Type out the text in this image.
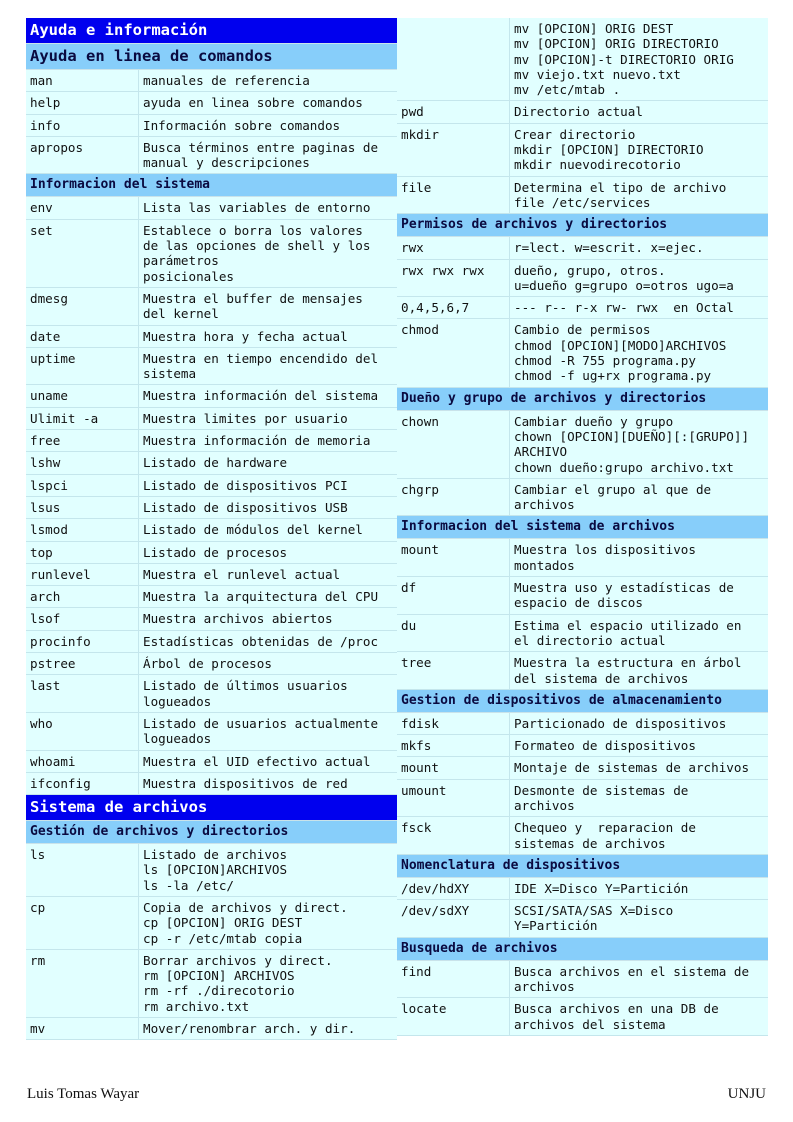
Ayuda e información
Ayuda en linea de comandos
man	manuales de referencia
help	ayuda en linea sobre comandos
info	Información sobre comandos
apropos	Busca términos entre paginas de
manual y descripciones
Informacion del sistema
env	Lista las variables de entorno
set	Establece o borra los valores
de las opciones de shell y los
parámetros
posicionales
dmesg	Muestra el buffer de mensajes
del kernel
date	Muestra hora y fecha actual
uptime	Muestra en tiempo encendido del
sistema
uname	Muestra información del sistema
Ulimit -a	Muestra limites por usuario
free	Muestra información de memoria
lshw	Listado de hardware
lspci	Listado de dispositivos PCI
lsus	Listado de dispositivos USB
lsmod	Listado de módulos del kernel
top	Listado de procesos
runlevel	Muestra el runlevel actual
arch	Muestra la arquitectura del CPU
lsof	Muestra archivos abiertos
procinfo	Estadísticas obtenidas de /proc
pstree	Árbol de procesos
last	Listado de últimos usuarios
logueados
who	Listado de usuarios actualmente
logueados
whoami	Muestra el UID efectivo actual
ifconfig	Muestra dispositivos de red
Sistema de archivos
Gestión de archivos y directorios
ls	Listado de archivos
ls [OPCION]ARCHIVOS
ls -la /etc/
cp	Copia de archivos y direct.
cp [OPCION] ORIG DEST
cp -r /etc/mtab copia
rm	Borrar archivos y direct.
rm [OPCION] ARCHIVOS
rm -rf ./direcotorio
rm archivo.txt
mv	Mover/renombrar arch. y dir.
mv [OPCION] ORIG DEST
mv [OPCION] ORIG DIRECTORIO
mv [OPCION]-t DIRECTORIO ORIG
mv viejo.txt nuevo.txt
mv /etc/mtab .
pwd	Directorio actual
mkdir	Crear directorio
mkdir [OPCION] DIRECTORIO
mkdir nuevodirecotorio
file	Determina el tipo de archivo
file /etc/services
Permisos de archivos y directorios
rwx	r=lect. w=escrit. x=ejec.
rwx rwx rwx	dueño, grupo, otros.
u=dueño g=grupo o=otros ugo=a
0,4,5,6,7	--- r-- r-x rw- rwx  en Octal
chmod	Cambio de permisos
chmod [OPCION][MODO]ARCHIVOS
chmod -R 755 programa.py
chmod -f ug+rx programa.py
Dueño y grupo de archivos y directorios
chown	Cambiar dueño y grupo
chown [OPCION][DUEÑO][:[GRUPO]]
ARCHIVO
chown dueño:grupo archivo.txt
chgrp	Cambiar el grupo al que de
archivos
Informacion del sistema de archivos
mount	Muestra los dispositivos
montados
df	Muestra uso y estadísticas de
espacio de discos
du	Estima el espacio utilizado en
el directorio actual
tree	Muestra la estructura en árbol
del sistema de archivos
Gestion de dispositivos de almacenamiento
fdisk	Particionado de dispositivos
mkfs	Formateo de dispositivos
mount	Montaje de sistemas de archivos
umount	Desmonte de sistemas de
archivos
fsck	Chequeo y  reparacion de
sistemas de archivos
Nomenclatura de dispositivos
/dev/hdXY	IDE X=Disco Y=Partición
/dev/sdXY	SCSI/SATA/SAS X=Disco
Y=Partición
Busqueda de archivos
find	Busca archivos en el sistema de
archivos
locate	Busca archivos en una DB de
archivos del sistema
Luis Tomas Wayar	UNJU
